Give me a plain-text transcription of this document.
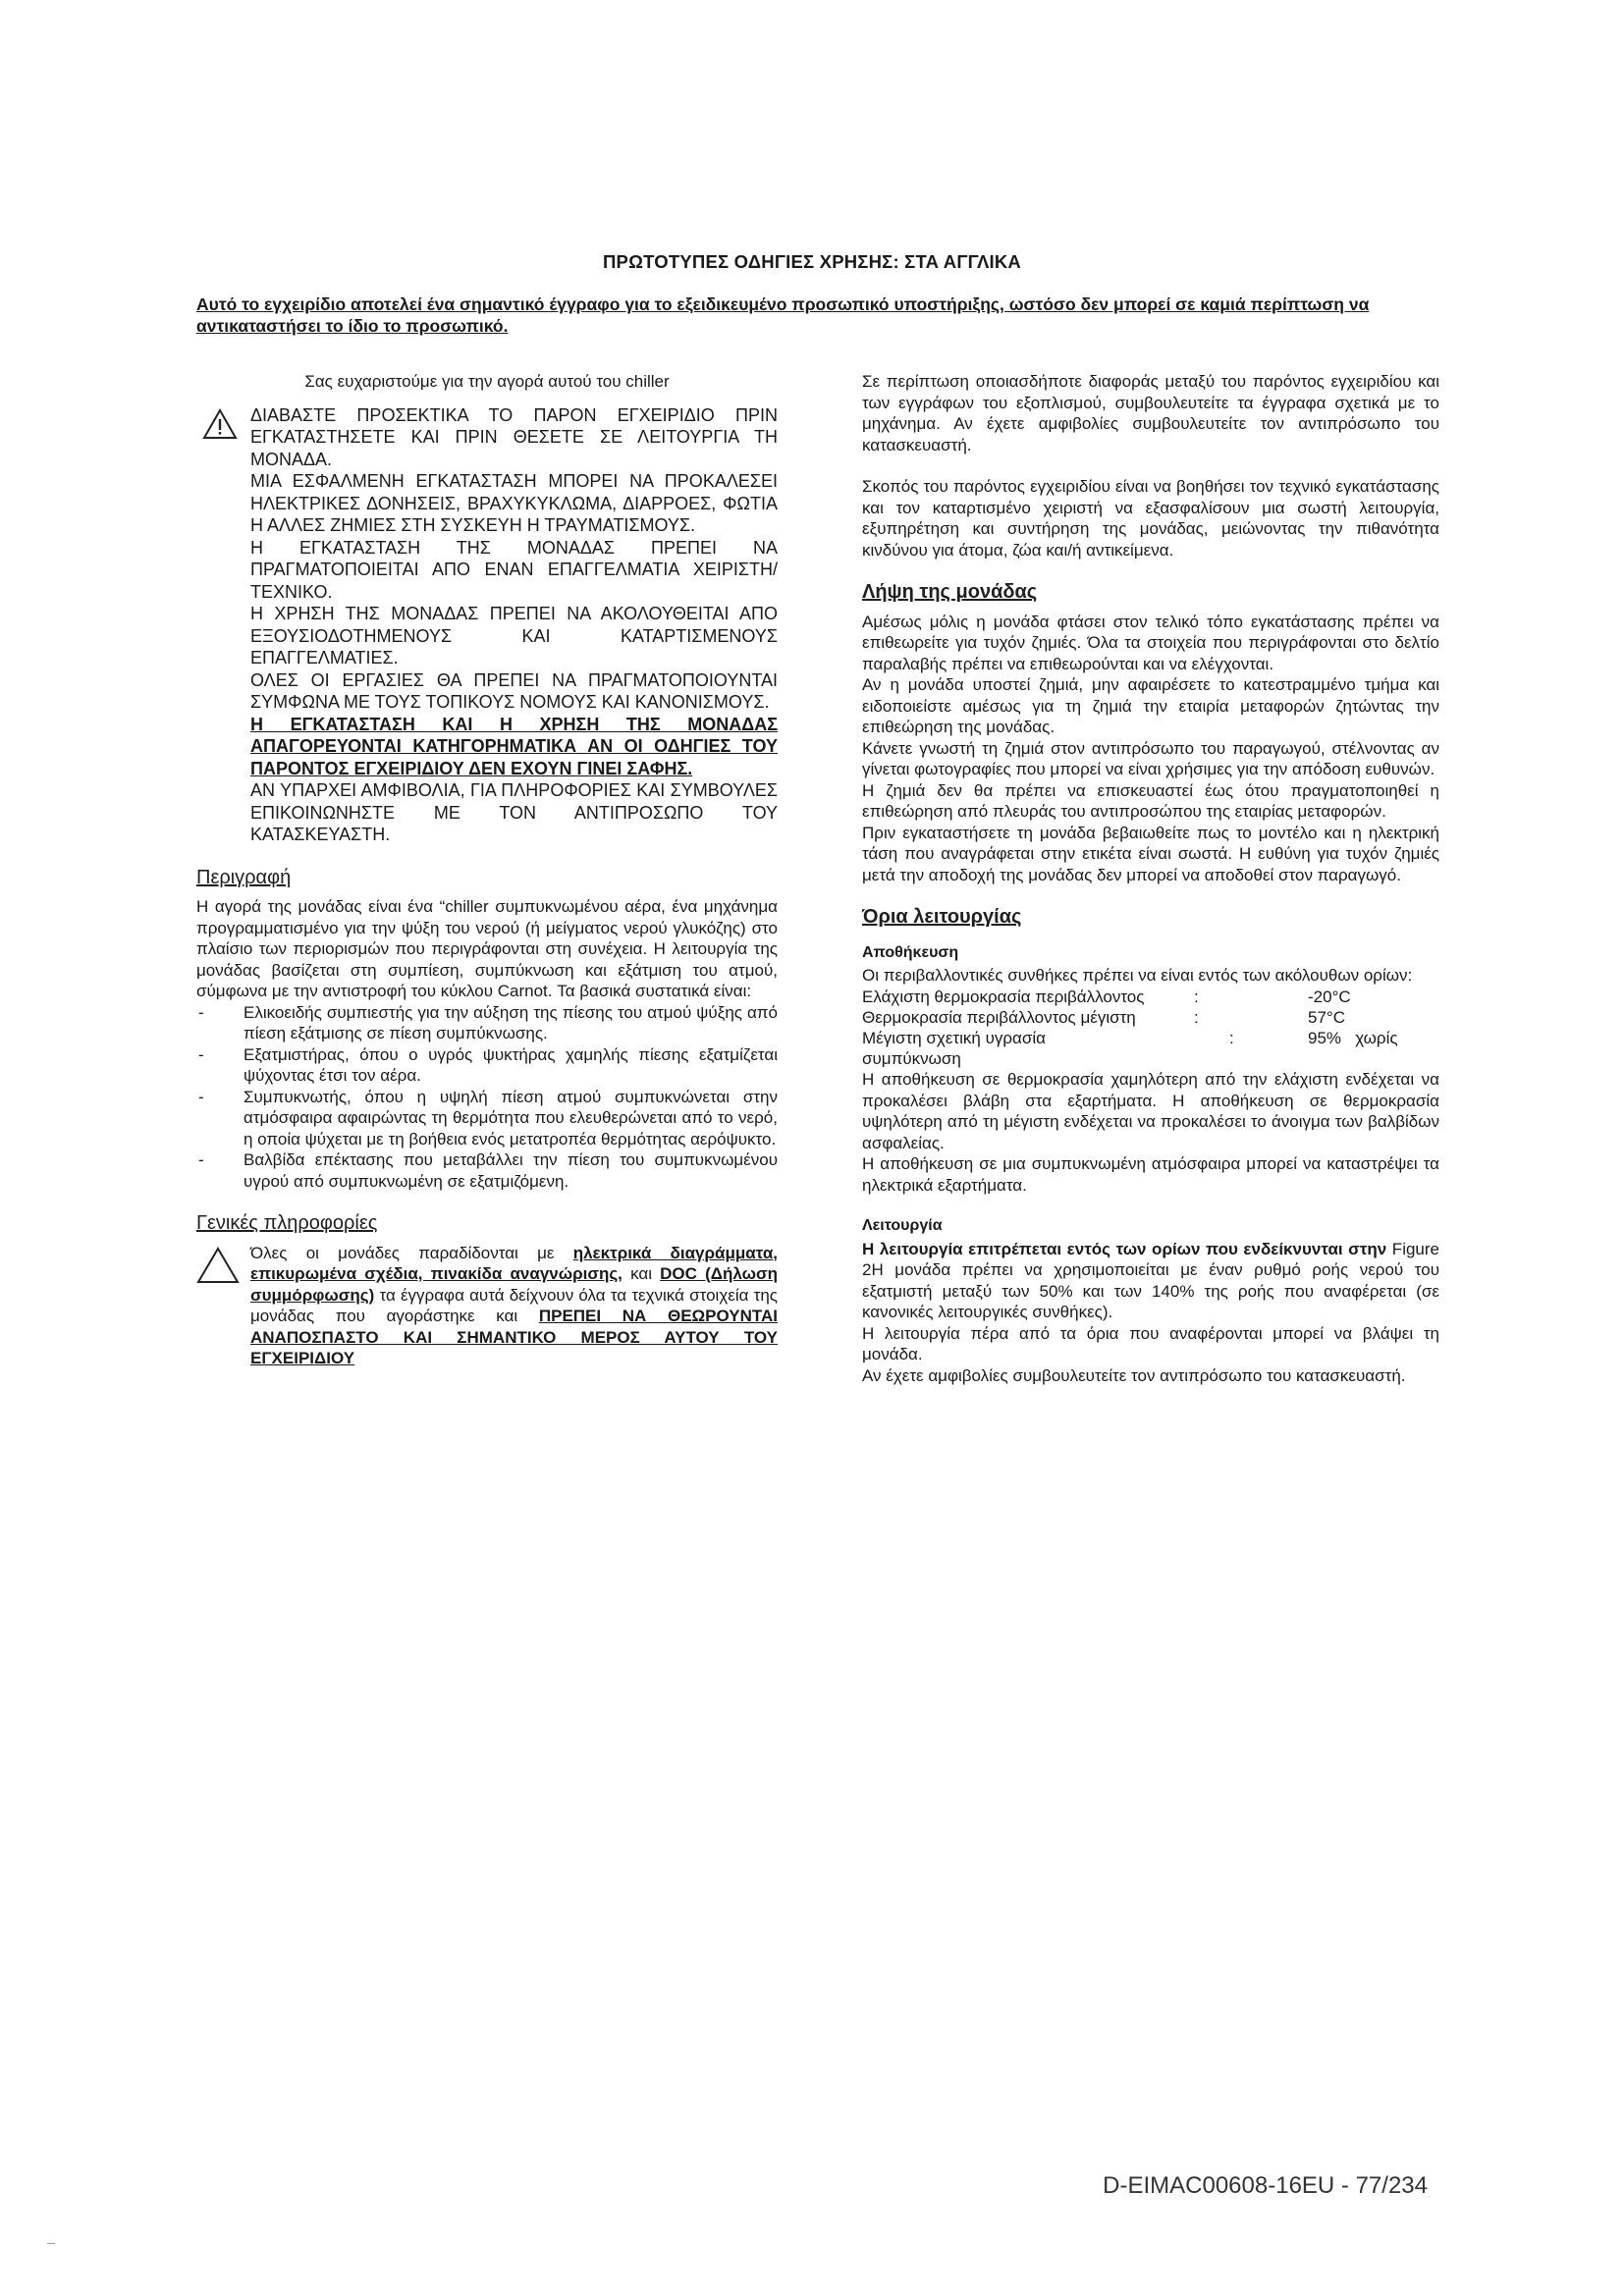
ΠΡΩΤΟΤΥΠΕΣ ΟΔΗΓΙΕΣ ΧΡΗΣΗΣ: ΣΤΑ ΑΓΓΛΙΚΑ
Αυτό το εγχειρίδιο αποτελεί ένα σημαντικό έγγραφο για το εξειδικευμένο προσωπικό υποστήριξης, ωστόσο δεν μπορεί σε καμιά περίπτωση να αντικαταστήσει το ίδιο το προσωπικό.

Σας ευχαριστούμε για την αγορά αυτού του chiller

ΔΙΑΒΑΣΤΕ ΠΡΟΣΕΚΤΙΚΑ ΤΟ ΠΑΡΟΝ ΕΓΧΕΙΡΙΔΙΟ ΠΡΙΝ ΕΓΚΑΤΑΣΤΗΣΕΤΕ ΚΑΙ ΠΡΙΝ ΘΕΣΕΤΕ ΣΕ ΛΕΙΤΟΥΡΓΙΑ ΤΗ ΜΟΝΑΔΑ.

ΜΙΑ ΕΣΦΑΛΜΕΝΗ ΕΓΚΑΤΑΣΤΑΣΗ ΜΠΟΡΕΙ ΝΑ ΠΡΟΚΑΛΕΣΕΙ ΗΛΕΚΤΡΙΚΕΣ ΔΟΝΗΣΕΙΣ, ΒΡΑΧΥΚΥΚΛΩΜΑ, ΔΙΑΡΡΟΕΣ, ΦΩΤΙΑ Η ΑΛΛΕΣ ΖΗΜΙΕΣ ΣΤΗ ΣΥΣΚΕΥΗ Η ΤΡΑΥΜΑΤΙΣΜΟΥΣ.

Η ΕΓΚΑΤΑΣΤΑΣΗ ΤΗΣ ΜΟΝΑΔΑΣ ΠΡΕΠΕΙ ΝΑ ΠΡΑΓΜΑΤΟΠΟΙΕΙΤΑΙ ΑΠΟ ΕΝΑΝ ΕΠΑΓΓΕΛΜΑΤΙΑ ΧΕΙΡΙΣΤΗ/ΤΕΧΝΙΚΟ.

Η ΧΡΗΣΗ ΤΗΣ ΜΟΝΑΔΑΣ ΠΡΕΠΕΙ ΝΑ ΑΚΟΛΟΥΘΕΙΤΑΙ ΑΠΟ ΕΞΟΥΣΙΟΔΟΤΗΜΕΝΟΥΣ ΚΑΙ ΚΑΤΑΡΤΙΣΜΕΝΟΥΣ ΕΠΑΓΓΕΛΜΑΤΙΕΣ.

ΟΛΕΣ ΟΙ ΕΡΓΑΣΙΕΣ ΘΑ ΠΡΕΠΕΙ ΝΑ ΠΡΑΓΜΑΤΟΠΟΙΟΥΝΤΑΙ ΣΥΜΦΩΝΑ ΜΕ ΤΟΥΣ ΤΟΠΙΚΟΥΣ ΝΟΜΟΥΣ ΚΑΙ ΚΑΝΟΝΙΣΜΟΥΣ.

Η ΕΓΚΑΤΑΣΤΑΣΗ ΚΑΙ Η ΧΡΗΣΗ ΤΗΣ ΜΟΝΑΔΑΣ ΑΠΑΓΟΡΕΥΟΝΤΑΙ ΚΑΤΗΓΟΡΗΜΑΤΙΚΑ ΑΝ ΟΙ ΟΔΗΓΙΕΣ ΤΟΥ ΠΑΡΟΝΤΟΣ ΕΓΧΕΙΡΙΔΙΟΥ ΔΕΝ ΕΧΟΥΝ ΓΙΝΕΙ ΣΑΦΗΣ.

ΑΝ ΥΠΑΡΧΕΙ ΑΜΦΙΒΟΛΙΑ, ΓΙΑ ΠΛΗΡΟΦΟΡΙΕΣ ΚΑΙ ΣΥΜΒΟΥΛΕΣ ΕΠΙΚΟΙΝΩΝΗΣΤΕ ΜΕ ΤΟΝ ΑΝΤΙΠΡΟΣΩΠΟ ΤΟΥ ΚΑΤΑΣΚΕΥΑΣΤΗ.

Περιγραφή

Η αγορά της μονάδας είναι ένα “chiller συμπυκνωμένου αέρα, ένα μηχάνημα προγραμματισμένο για την ψύξη του νερού (ή μείγματος νερού γλυκόζης) στο πλαίσιο των περιορισμών που περιγράφονται στη συνέχεια. Η λειτουργία της μονάδας βασίζεται στη συμπίεση, συμπύκνωση και εξάτμιση του ατμού, σύμφωνα με την αντιστροφή του κύκλου Carnot. Τα βασικά συστατικά είναι:

- Ελικοειδής συμπιεστής για την αύξηση της πίεσης του ατμού ψύξης από πίεση εξάτμισης σε πίεση συμπύκνωσης.
- Εξατμιστήρας, όπου ο υγρός ψυκτήρας χαμηλής πίεσης εξατμίζεται ψύχοντας έτσι τον αέρα.
- Συμπυκνωτής, όπου η υψηλή πίεση ατμού συμπυκνώνεται στην ατμόσφαιρα αφαιρώντας τη θερμότητα που ελευθερώνεται από το νερό, η οποία ψύχεται με τη βοήθεια ενός μετατροπέα θερμότητας αερόψυκτο.
- Βαλβίδα επέκτασης που μεταβάλλει την πίεση του συμπυκνωμένου υγρού από συμπυκνωμένη σε εξατμιζόμενη.
Γενικές πληροφορίες

Όλες οι μονάδες παραδίδονται με ηλεκτρικά διαγράμματα, επικυρωμένα σχέδια, πινακίδα αναγνώρισης, και DOC (Δήλωση συμμόρφωσης) τα έγγραφα αυτά δείχνουν όλα τα τεχνικά στοιχεία της μονάδας που αγοράστηκε και ΠΡΕΠΕΙ ΝΑ ΘΕΩΡΟΥΝΤΑΙ ΑΝΑΠΟΣΠΑΣΤΟ ΚΑΙ ΣΗΜΑΝΤΙΚΟ ΜΕΡΟΣ ΑΥΤΟΥ ΤΟΥ ΕΓΧΕΙΡΙΔΙΟΥ

Σε περίπτωση οποιασδήποτε διαφοράς μεταξύ του παρόντος εγχειριδίου και των εγγράφων του εξοπλισμού, συμβουλευτείτε τα έγγραφα σχετικά με το μηχάνημα. Αν έχετε αμφιβολίες συμβουλευτείτε τον αντιπρόσωπο του κατασκευαστή.

Σκοπός του παρόντος εγχειριδίου είναι να βοηθήσει τον τεχνικό εγκατάστασης και τον καταρτισμένο χειριστή να εξασφαλίσουν μια σωστή λειτουργία, εξυπηρέτηση και συντήρηση της μονάδας, μειώνοντας την πιθανότητα κινδύνου για άτομα, ζώα και/ή αντικείμενα.

Λήψη της μονάδας

Αμέσως μόλις η μονάδα φτάσει στον τελικό τόπο εγκατάστασης πρέπει να επιθεωρείτε για τυχόν ζημιές. Όλα τα στοιχεία που περιγράφονται στο δελτίο παραλαβής πρέπει να επιθεωρούνται και να ελέγχονται.

Αν η μονάδα υποστεί ζημιά, μην αφαιρέσετε το κατεστραμμένο τμήμα και ειδοποιείστε αμέσως για τη ζημιά την εταιρία μεταφορών ζητώντας την επιθεώρηση της μονάδας.

Κάνετε γνωστή τη ζημιά στον αντιπρόσωπο του παραγωγού, στέλνοντας αν γίνεται φωτογραφίες που μπορεί να είναι χρήσιμες για την απόδοση ευθυνών.

Η ζημιά δεν θα πρέπει να επισκευαστεί έως ότου πραγματοποιηθεί η επιθεώρηση από πλευράς του αντιπροσώπου της εταιρίας μεταφορών.

Πριν εγκαταστήσετε τη μονάδα βεβαιωθείτε πως το μοντέλο και η ηλεκτρική τάση που αναγράφεται στην ετικέτα είναι σωστά. Η ευθύνη για τυχόν ζημιές μετά την αποδοχή της μονάδας δεν μπορεί να αποδοθεί στον παραγωγό.

Όρια λειτουργίας
Αποθήκευση

Οι περιβαλλοντικές συνθήκες πρέπει να είναι εντός των ακόλουθων ορίων:

Ελάχιστη θερμοκρασία περιβάλλοντος	:	-20°C
Θερμοκρασία περιβάλλοντος μέγιστη	:	57°C
Μέγιστη σχετική υγρασία	:	95%   χωρίς

συμπύκνωση

Η αποθήκευση σε θερμοκρασία χαμηλότερη από την ελάχιστη ενδέχεται να προκαλέσει βλάβη στα εξαρτήματα. Η αποθήκευση σε θερμοκρασία υψηλότερη από τη μέγιστη ενδέχεται να προκαλέσει το άνοιγμα των βαλβίδων ασφαλείας.

Η αποθήκευση σε μια συμπυκνωμένη ατμόσφαιρα μπορεί να καταστρέψει τα ηλεκτρικά εξαρτήματα.

Λειτουργία

Η λειτουργία επιτρέπεται εντός των ορίων που ενδείκνυνται στην Figure 2H μονάδα πρέπει να χρησιμοποιείται με έναν ρυθμό ροής νερού του εξατμιστή μεταξύ των 50% και των 140% της ροής που αναφέρεται (σε κανονικές λειτουργικές συνθήκες).

Η λειτουργία πέρα από τα όρια που αναφέρονται μπορεί να βλάψει τη μονάδα.

Αν έχετε αμφιβολίες συμβουλευτείτε τον αντιπρόσωπο του κατασκευαστή.

D-EIMAC00608-16EU - 77/234
